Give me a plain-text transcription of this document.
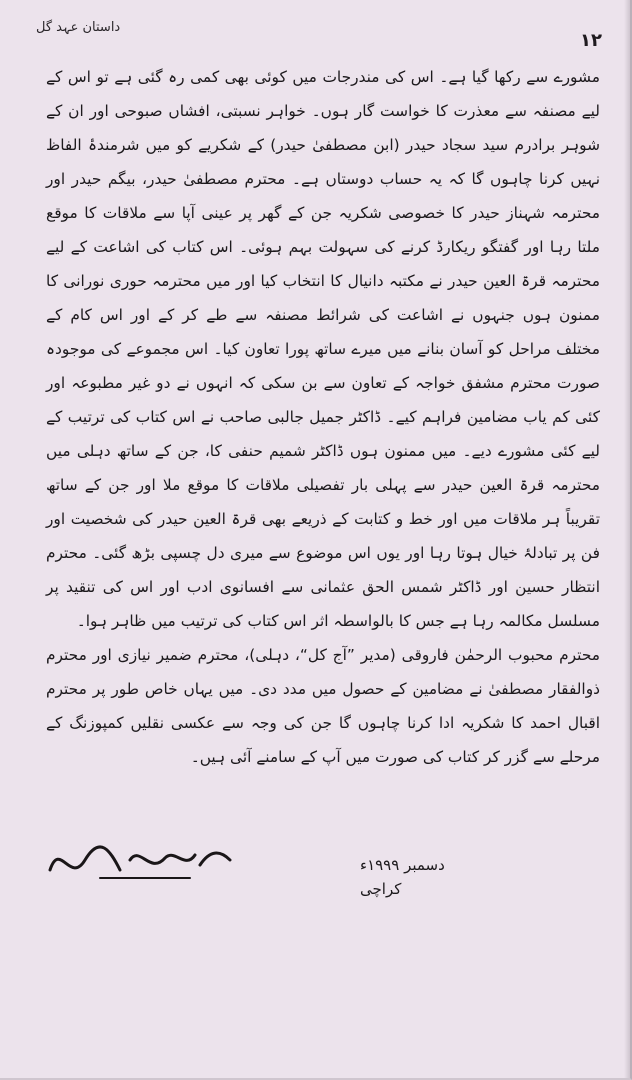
داستان عہد گل
۱۲

مشورے سے رکھا گیا ہے۔ اس کی مندرجات میں کوئی بھی کمی رہ گئی ہے تو اس کے لیے مصنفہ سے معذرت کا خواست گار ہوں۔ خواہر نسبتی، افشاں صبوحی اور ان کے شوہر برادرم سید سجاد حیدر (ابن مصطفیٰ حیدر) کے شکریے کو میں شرمندۂ الفاظ نہیں کرنا چاہوں گا کہ یہ حساب دوستاں ہے۔ محترم مصطفیٰ حیدر، بیگم حیدر اور محترمہ شہناز حیدر کا خصوصی شکریہ جن کے گھر پر عینی آپا سے ملاقات کا موقع ملتا رہا اور گفتگو ریکارڈ کرنے کی سہولت بہم ہوئی۔ اس کتاب کی اشاعت کے لیے محترمہ قرۃ العین حیدر نے مکتبہ دانیال کا انتخاب کیا اور میں محترمہ حوری نورانی کا ممنون ہوں جنہوں نے اشاعت کی شرائط مصنفہ سے طے کر کے اور اس کام کے مختلف مراحل کو آسان بنانے میں میرے ساتھ پورا تعاون کیا۔ اس مجموعے کی موجودہ صورت محترم مشفق خواجہ کے تعاون سے بن سکی کہ انہوں نے دو غیر مطبوعہ اور کئی کم یاب مضامین فراہم کیے۔ ڈاکٹر جمیل جالبی صاحب نے اس کتاب کی ترتیب کے لیے کئی مشورے دیے۔ میں ممنون ہوں ڈاکٹر شمیم حنفی کا، جن کے ساتھ دہلی میں محترمہ قرۃ العین حیدر سے پہلی بار تفصیلی ملاقات کا موقع ملا اور جن کے ساتھ تقریباً ہر ملاقات میں اور خط و کتابت کے ذریعے بھی قرۃ العین حیدر کی شخصیت اور فن پر تبادلۂ خیال ہوتا رہا اور یوں اس موضوع سے میری دل چسپی بڑھ گئی۔ محترم انتظار حسین اور ڈاکٹر شمس الحق عثمانی سے افسانوی ادب اور اس کی تنقید پر مسلسل مکالمہ رہا ہے جس کا بالواسطہ اثر اس کتاب کی ترتیب میں ظاہر ہوا۔

محترم محبوب الرحمٰن فاروقی (مدیر ”آج کل“، دہلی)، محترم ضمیر نیازی اور محترم ذوالفقار مصطفیٰ نے مضامین کے حصول میں مدد دی۔ میں یہاں خاص طور پر محترم اقبال احمد کا شکریہ ادا کرنا چاہوں گا جن کی وجہ سے عکسی نقلیں کمپوزنگ کے مرحلے سے گزر کر کتاب کی صورت میں آپ کے سامنے آئی ہیں۔

دسمبر ۱۹۹۹ء
کراچی
